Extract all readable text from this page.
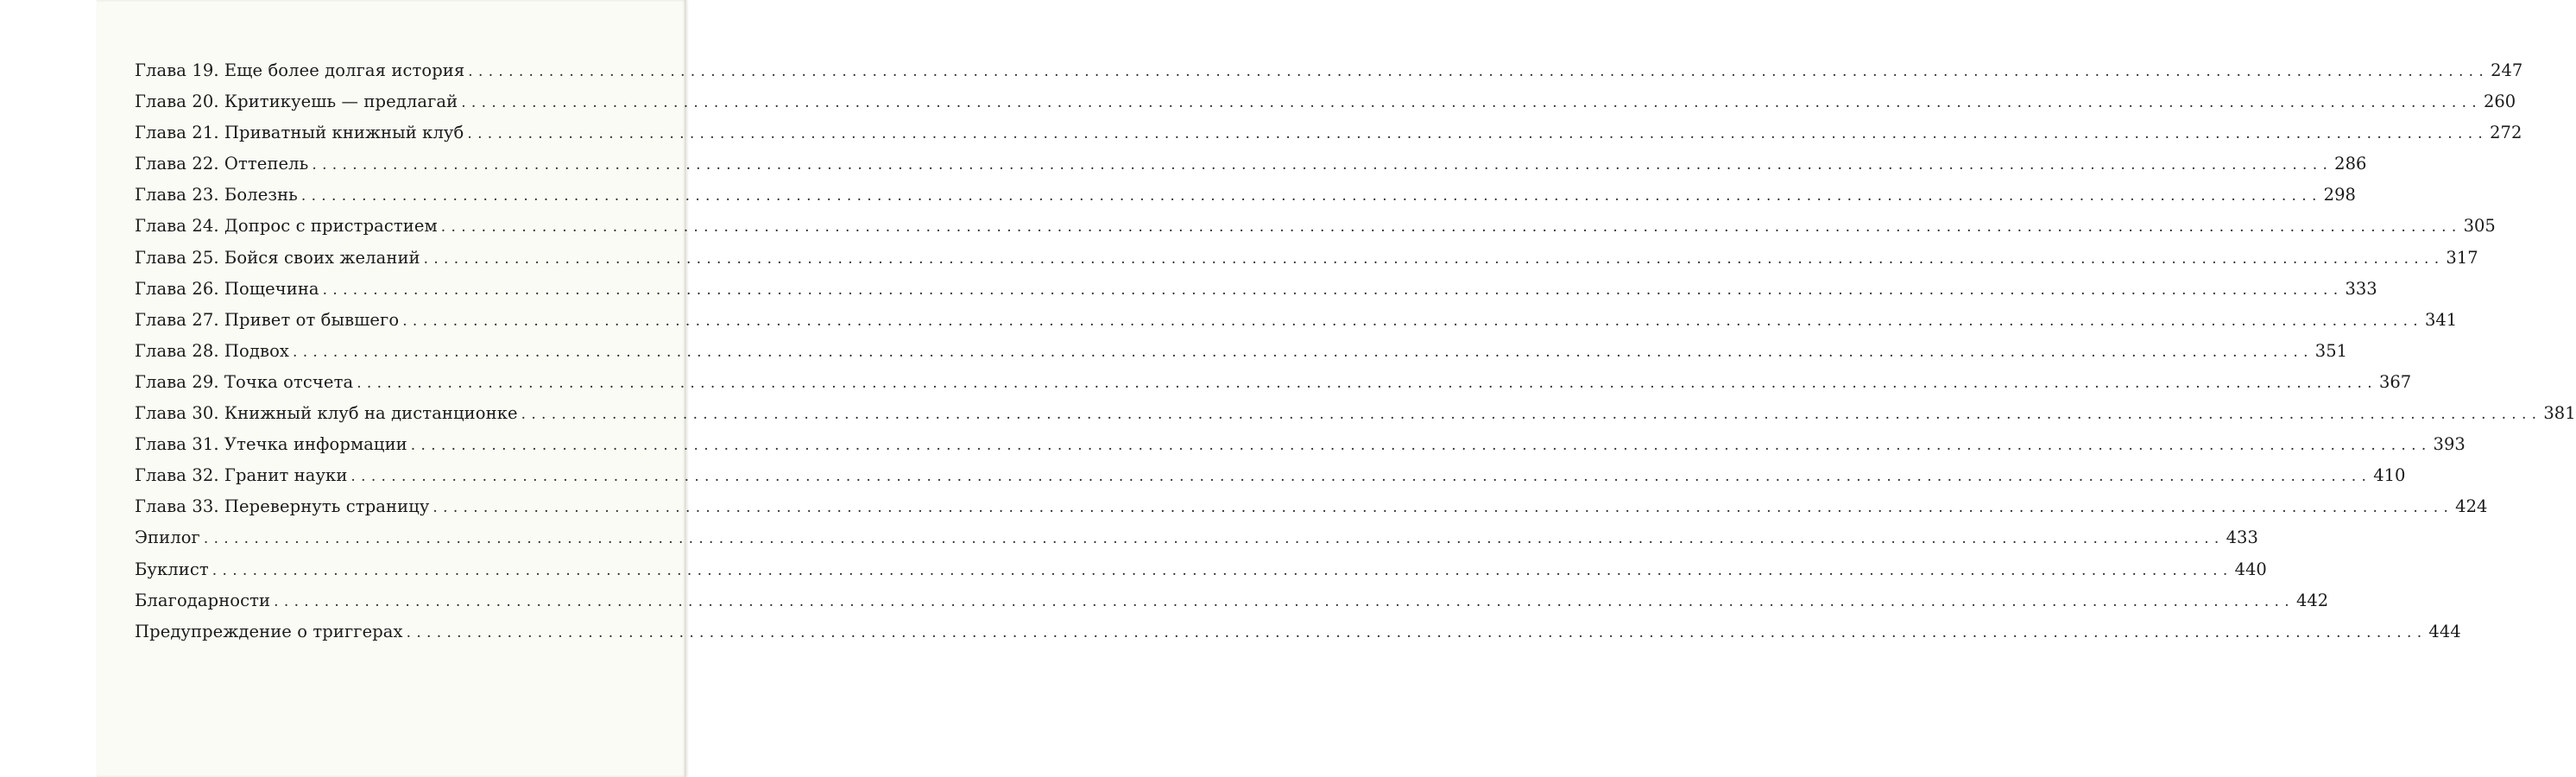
Глава 19. Еще более долгая история ........................................................................................................................................................................................................ 247
Глава 20. Критикуешь — предлагай ........................................................................................................................................................................................................ 260
Глава 21. Приватный книжный клуб ........................................................................................................................................................................................................ 272
Глава 22. Оттепель ........................................................................................................................................................................................................ 286
Глава 23. Болезнь ........................................................................................................................................................................................................ 298
Глава 24. Допрос с пристрастием ........................................................................................................................................................................................................ 305
Глава 25. Бойся своих желаний ........................................................................................................................................................................................................ 317
Глава 26. Пощечина ........................................................................................................................................................................................................ 333
Глава 27. Привет от бывшего ........................................................................................................................................................................................................ 341
Глава 28. Подвох ........................................................................................................................................................................................................ 351
Глава 29. Точка отсчета ........................................................................................................................................................................................................ 367
Глава 30. Книжный клуб на дистанционке ........................................................................................................................................................................................................ 381
Глава 31. Утечка информации ........................................................................................................................................................................................................ 393
Глава 32. Гранит науки ........................................................................................................................................................................................................ 410
Глава 33. Перевернуть страницу ........................................................................................................................................................................................................ 424
Эпилог ........................................................................................................................................................................................................ 433
Буклист ........................................................................................................................................................................................................ 440
Благодарности ........................................................................................................................................................................................................ 442
Предупреждение о триггерах ........................................................................................................................................................................................................ 444
